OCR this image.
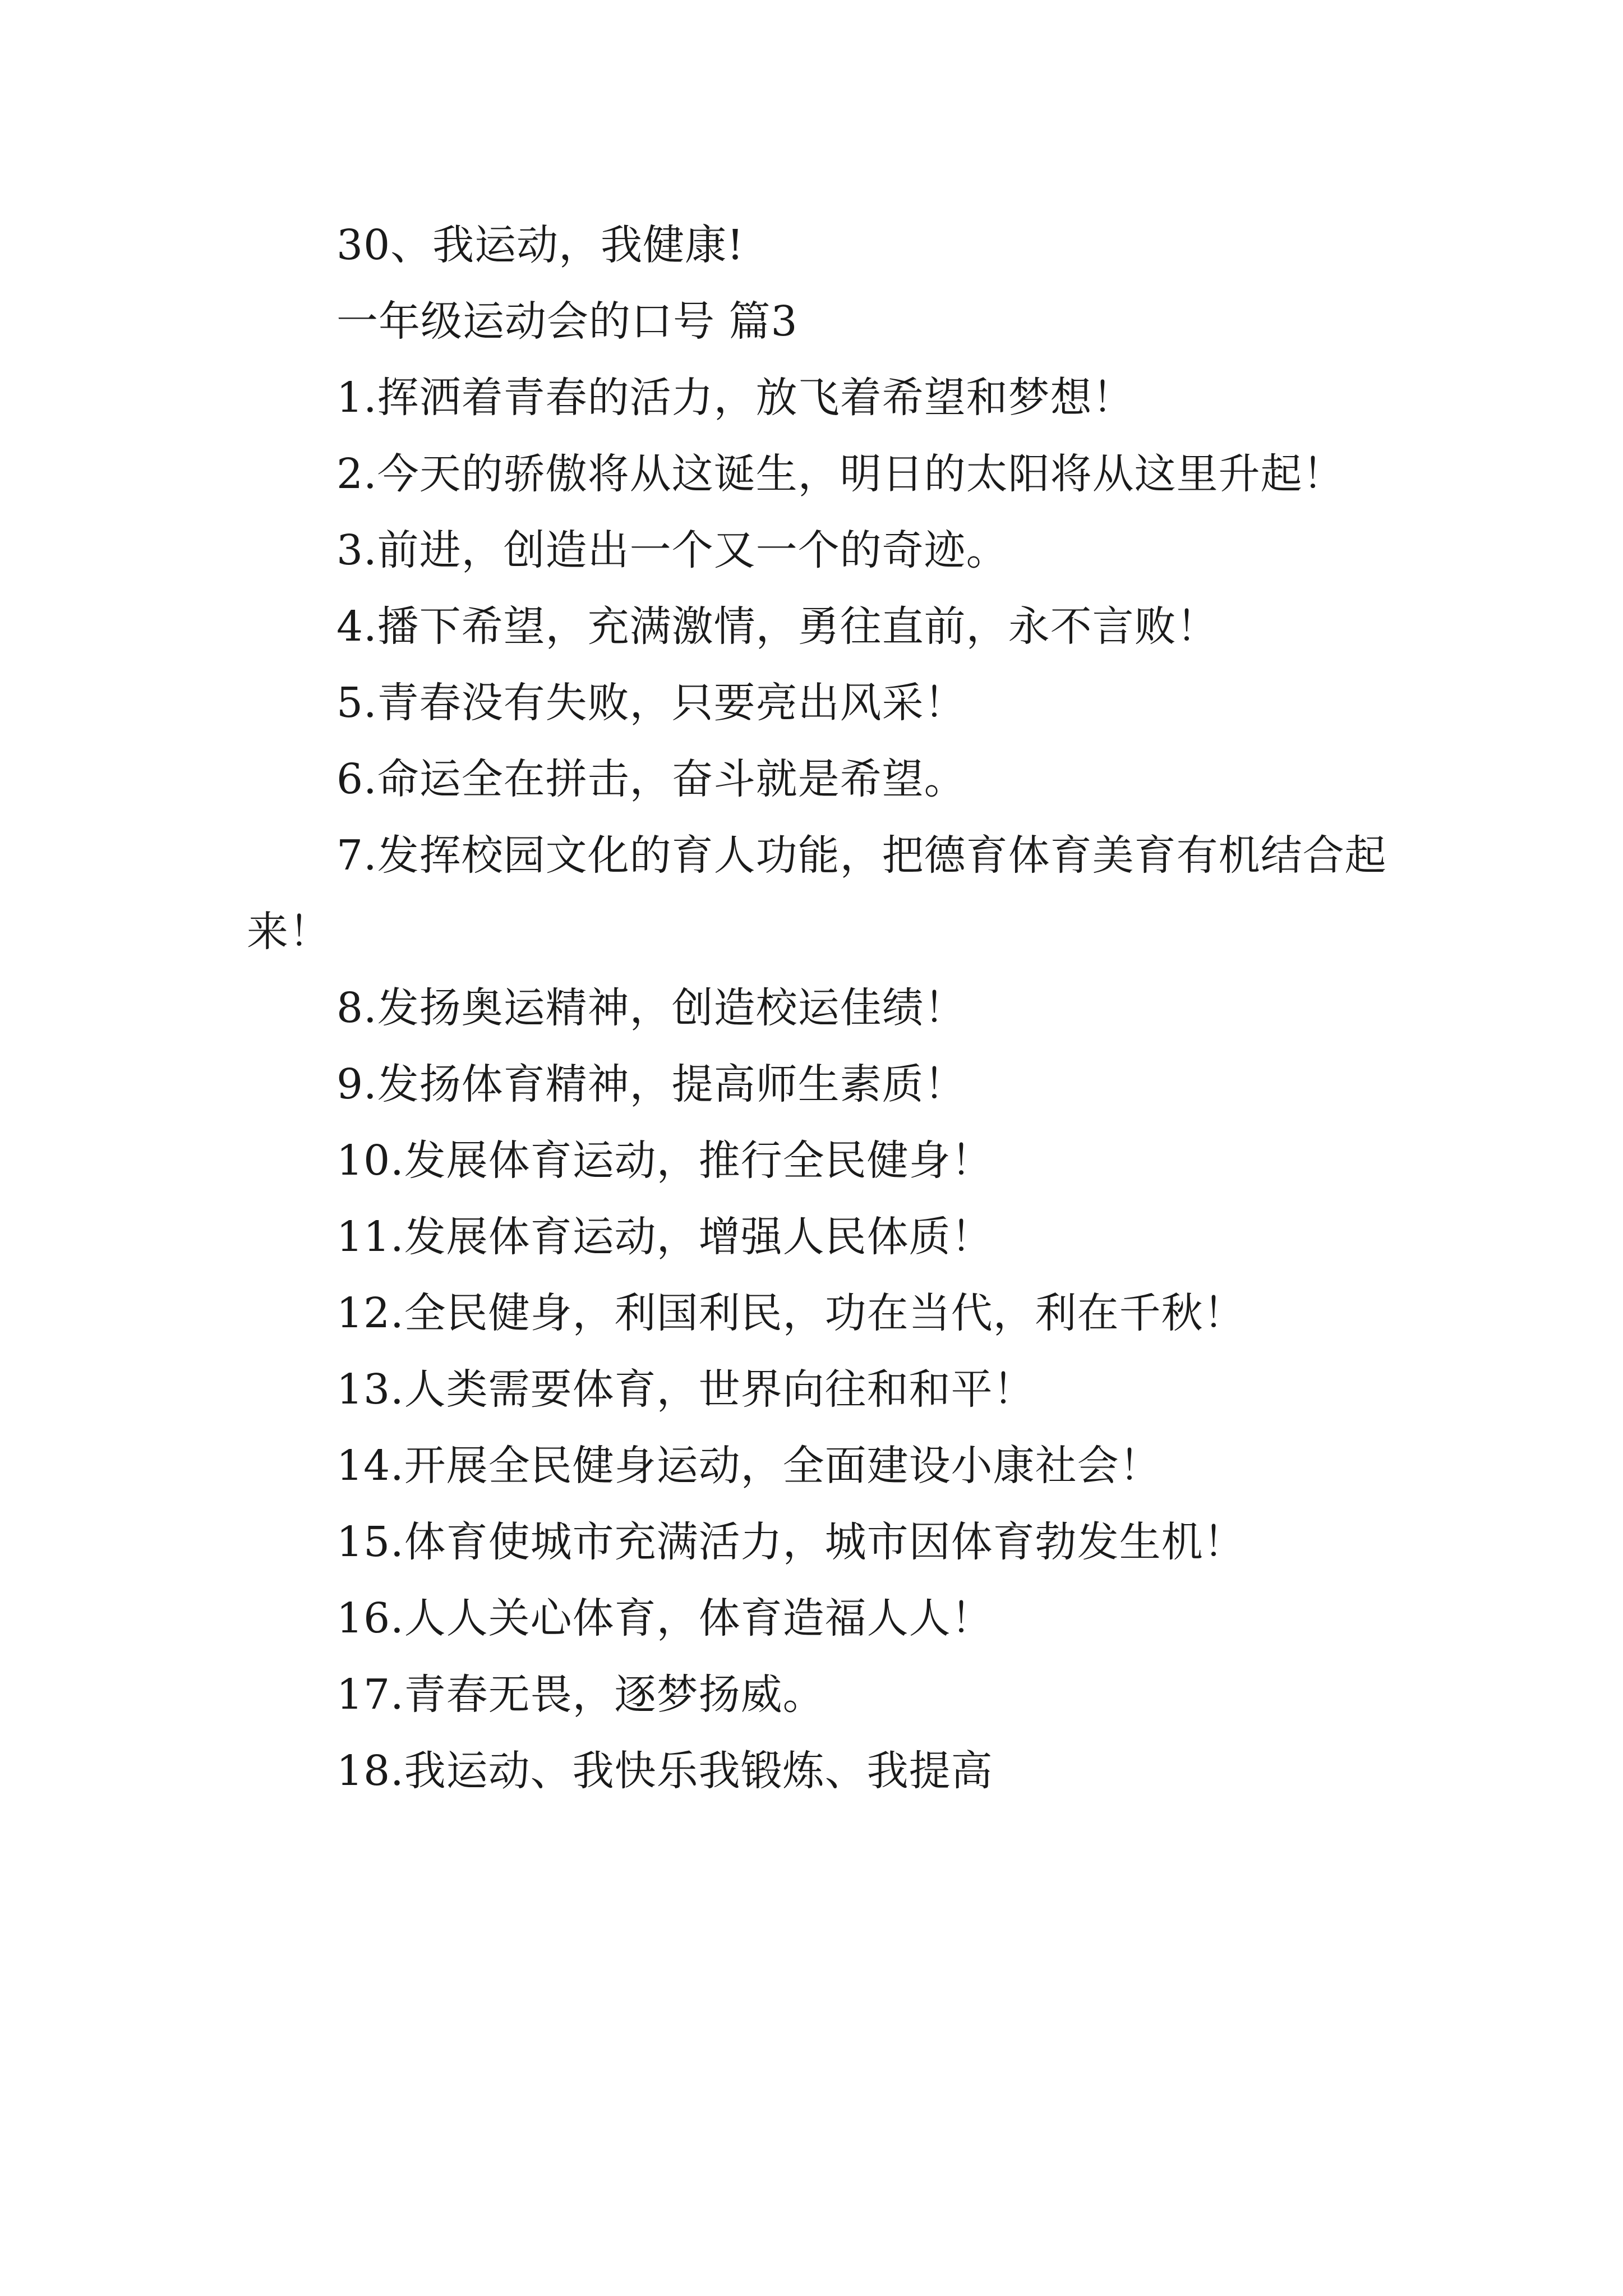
30、我运动，我健康!
一年级运动会的口号 篇3
1.挥洒着青春的活力，放飞着希望和梦想！
2.今天的骄傲将从这诞生，明日的太阳将从这里升起！
3.前进，创造出一个又一个的奇迹。
4.播下希望，充满激情，勇往直前，永不言败！
5.青春没有失败，只要亮出风采！
6.命运全在拼击，奋斗就是希望。
7.发挥校园文化的育人功能，把德育体育美育有机结合起来！
8.发扬奥运精神，创造校运佳绩！
9.发扬体育精神，提高师生素质！
10.发展体育运动，推行全民健身！
11.发展体育运动，增强人民体质！
12.全民健身，利国利民，功在当代，利在千秋！
13.人类需要体育，世界向往和和平！
14.开展全民健身运动，全面建设小康社会！
15.体育使城市充满活力，城市因体育勃发生机！
16.人人关心体育，体育造福人人！
17.青春无畏，逐梦扬威。
18.我运动、我快乐我锻炼、我提高
